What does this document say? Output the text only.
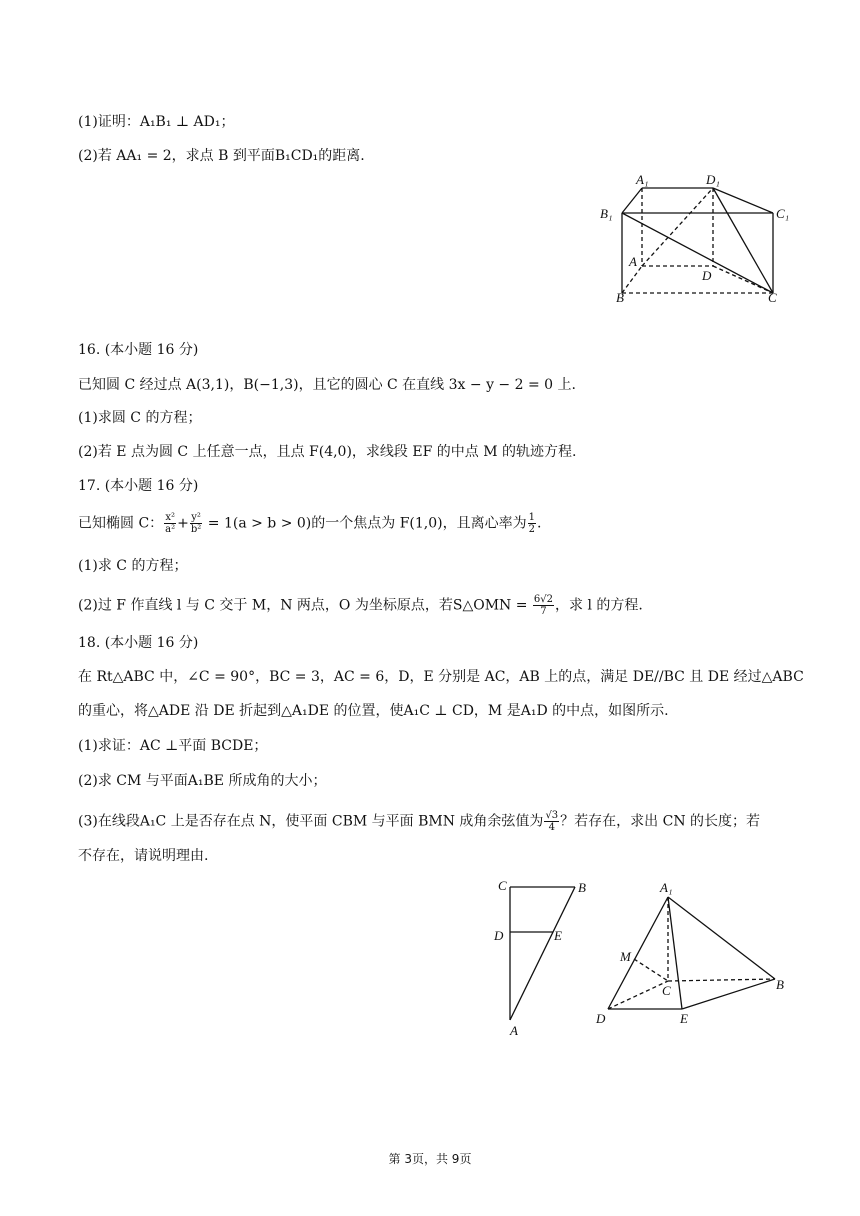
(1)证明：A₁B₁ ⊥ AD₁；
(2)若 AA₁ = 2，求点 B 到平面B₁CD₁的距离.
A₁	D₁
B₁	C₁
A
D
B	C
16. (本小题 16 分)
已知圆 C 经过点 A(3,1)，B(−1,3)，且它的圆心 C 在直线 3x − y − 2 = 0 上.
(1)求圆 C 的方程；
(2)若 E 点为圆 C 上任意一点，且点 F(4,0)，求线段 EF 的中点 M 的轨迹方程.
17. (本小题 16 分)
已知椭圆 C： $\frac{\text{x²}}{\text{a²}} + \frac{\text{y²}}{\text{b²}} = 1(a > b > 0)$的一个焦点为 F(1,0)，且离心率为 $\frac{1}{2}$ .
(1)求 C 的方程；
(2)过 F 作直线 l 与 C 交于 M，N 两点，O 为坐标原点，若S△OMN = $\frac{6√2}{7}$ ，求 l 的方程.
18. (本小题 16 分)
在 Rt△ABC 中，∠C = 90°，BC = 3，AC = 6，D，E 分别是 AC，AB 上的点，满足 DE//BC 且 DE 经过△ABC
的重心，将△ADE 沿 DE 折起到△A₁DE 的位置，使A₁C ⊥ CD，M 是A₁D 的中点，如图所示.
(1)求证：AC ⊥平面 BCDE；
(2)求 CM 与平面A₁BE 所成角的大小；
(3)在线段A₁C 上是否存在点 N，使平面 CBM 与平面 BMN 成角余弦值为 $\frac{√3}{4}$ ？若存在，求出 CN 的长度；若
不存在，请说明理由.
C	B
D	E
A
A₁
M
C	B
D	E
第 3页，共 9页
